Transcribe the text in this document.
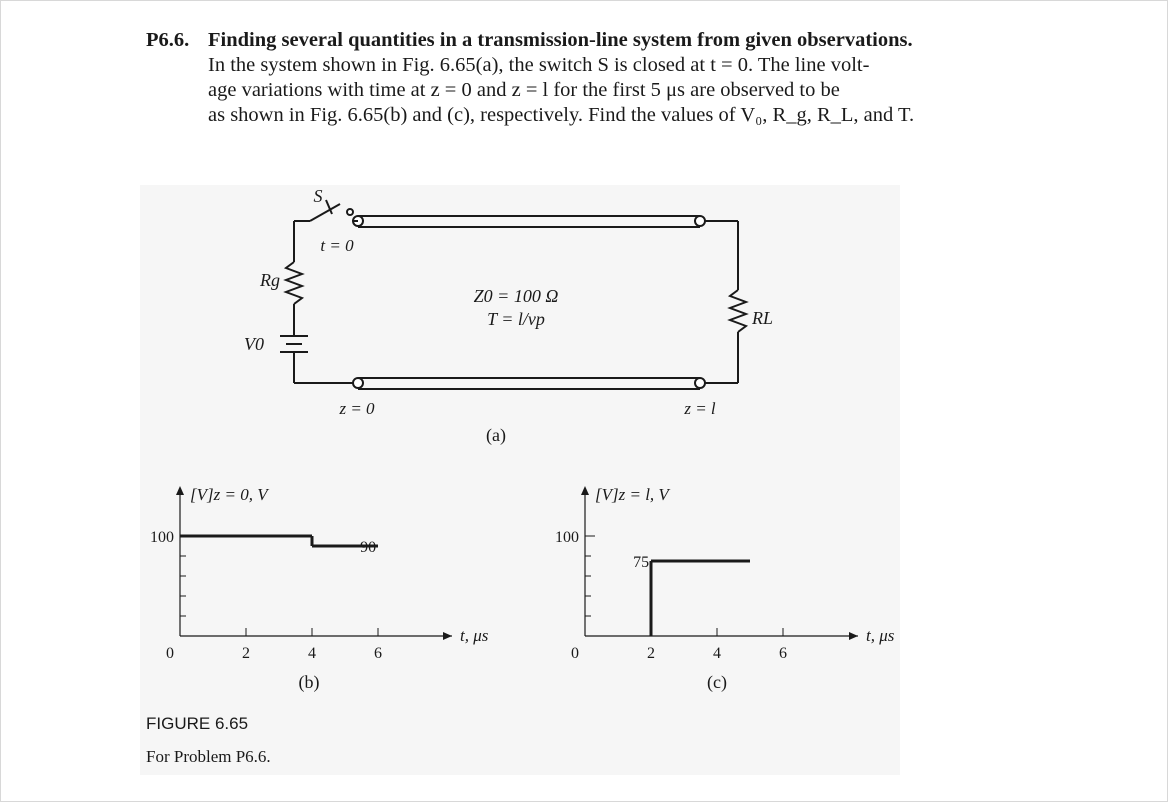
P6.6. Finding several quantities in a transmission-line system from given observations.
In the system shown in Fig. 6.65(a), the switch S is closed at t = 0. The line volt-
age variations with time at z = 0 and z = l for the first 5 μs are observed to be
as shown in Fig. 6.65(b) and (c), respectively. Find the values of V₀, R_g, R_L, and T.
S
t = 0
Rg
V0
Z0 = 100 Ω
T = l/vp	RL
z = 0	z = l
(a)
100
0	2	4	6
90
[V]z = 0, V
t, μs
(b)
100
0	2	4	6
75
[V]z = l, V
t, μs
(c)
FIGURE 6.65
For Problem P6.6.
